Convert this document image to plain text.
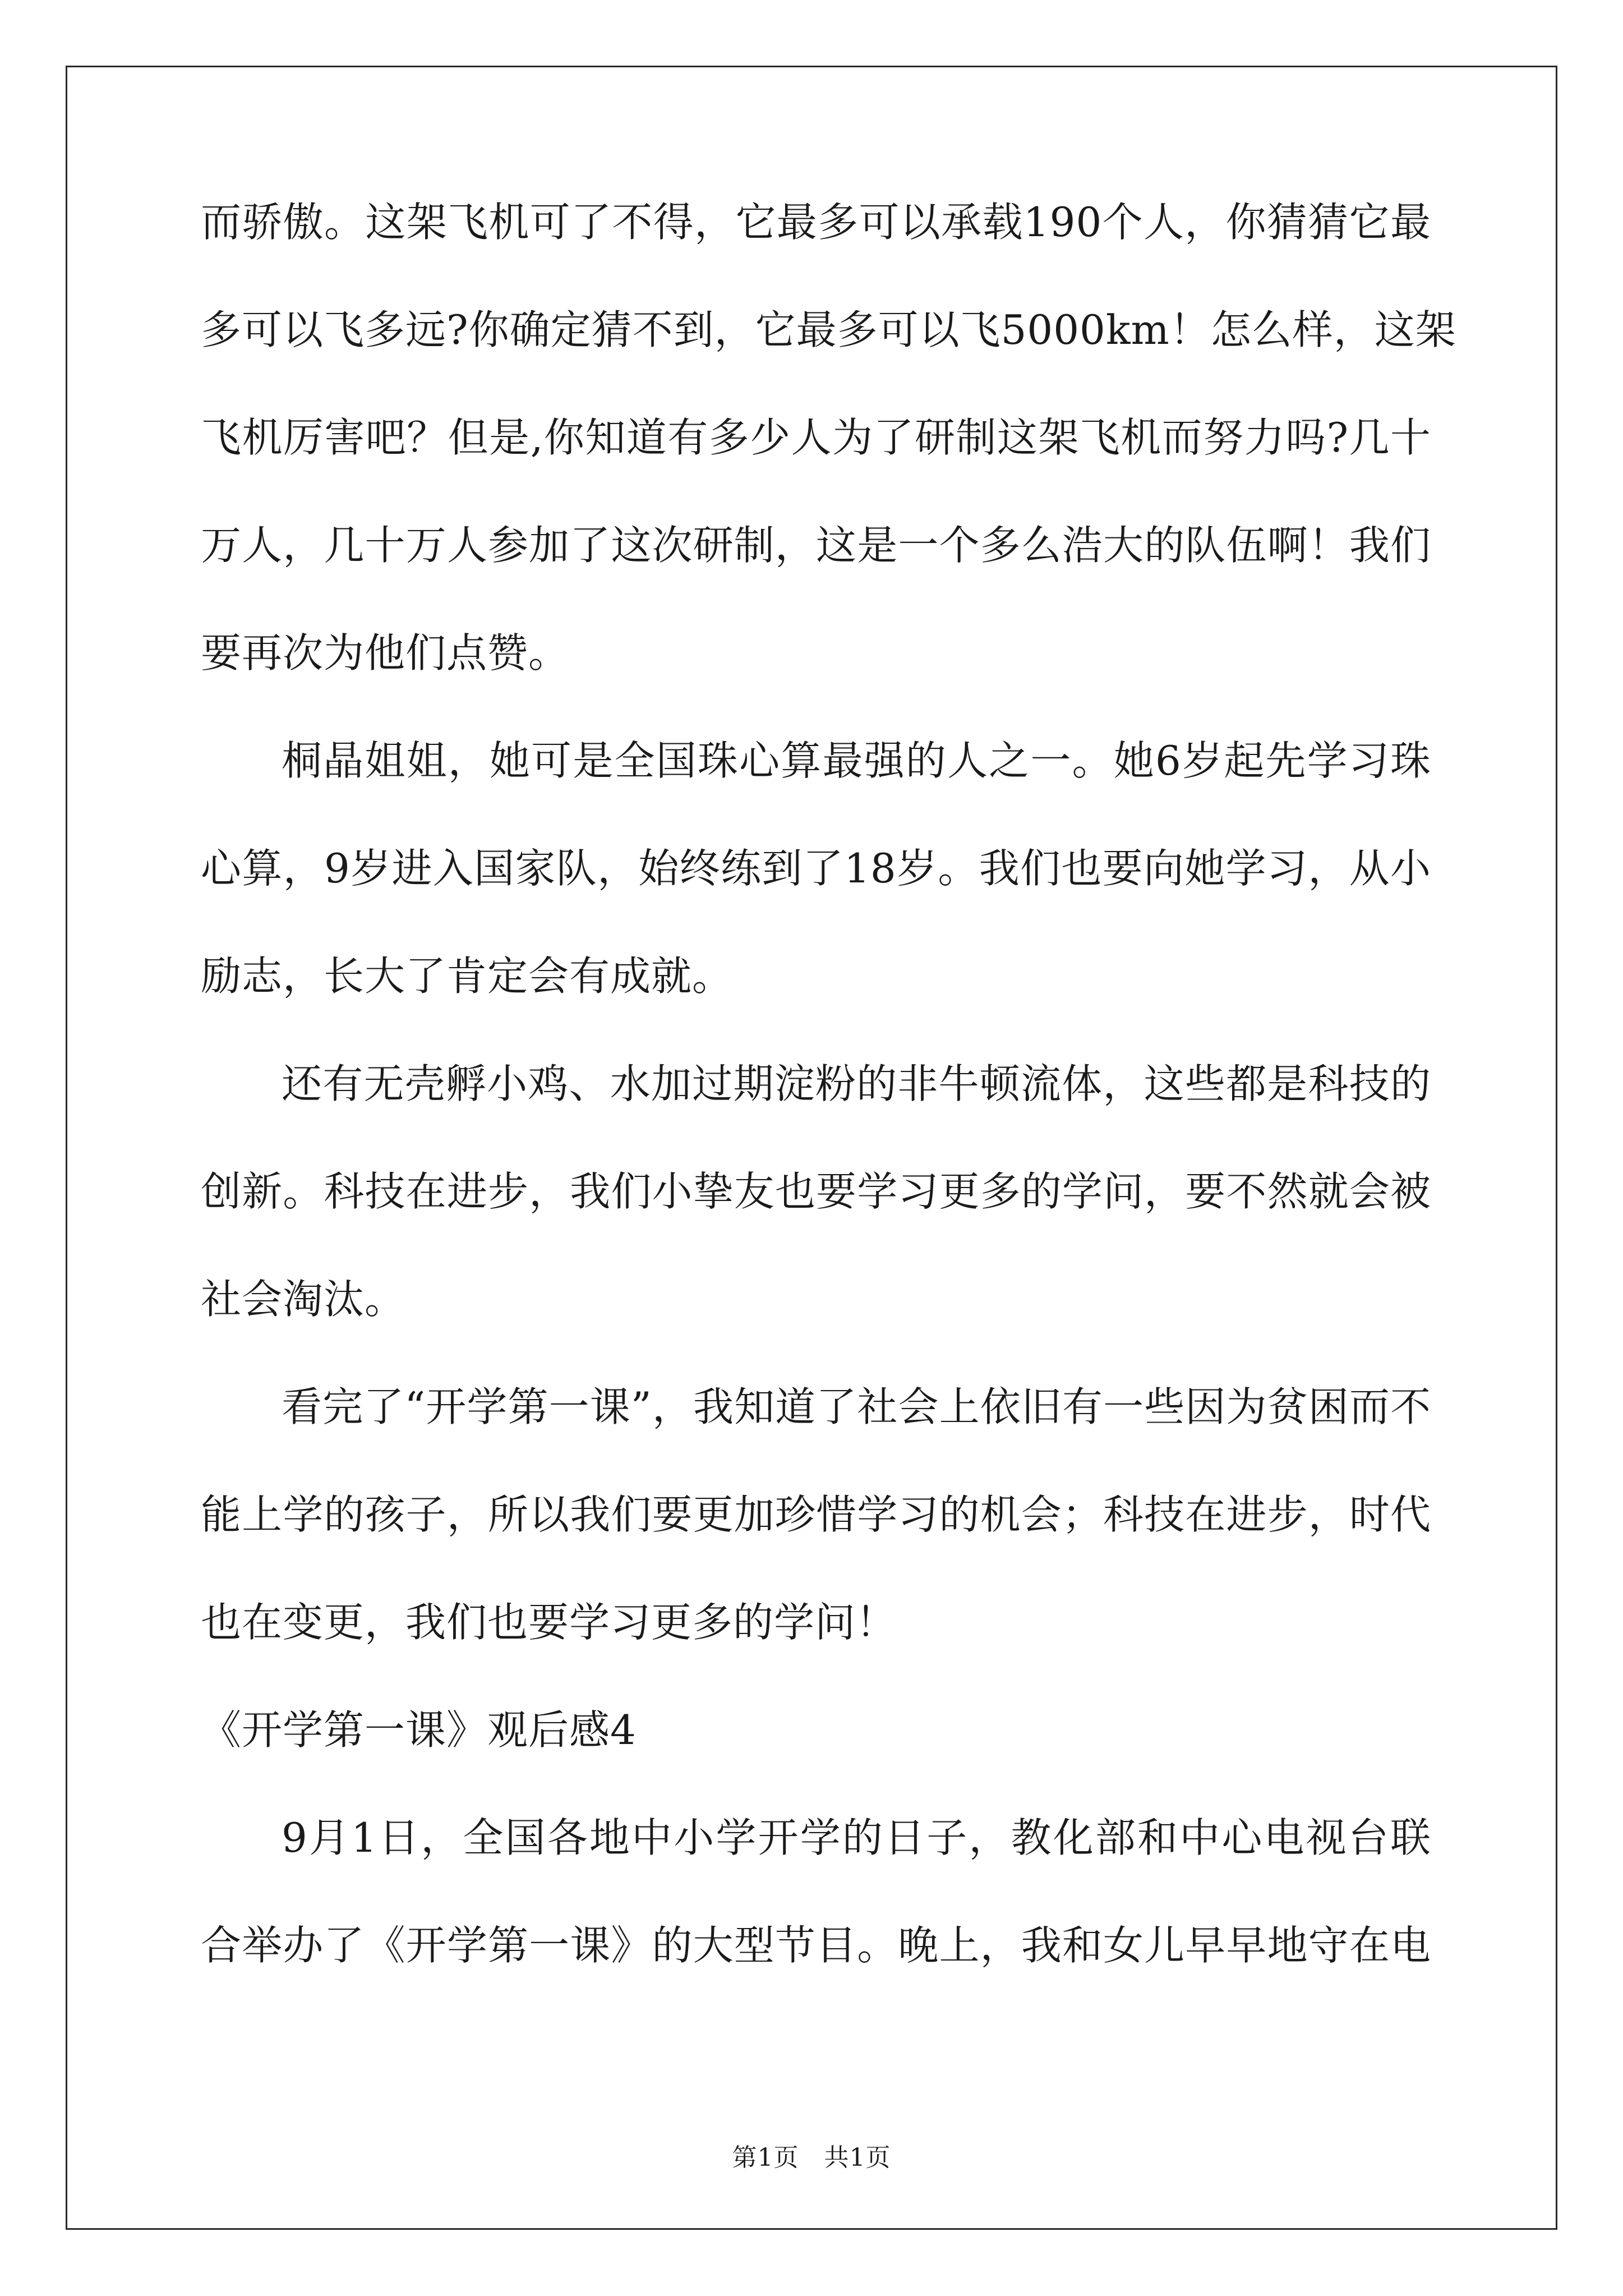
而骄傲。这架飞机可了不得，它最多可以承载190个人，你猜猜它最
多可以飞多远?你确定猜不到，它最多可以飞5000km！怎么样，这架
飞机厉害吧？但是,你知道有多少人为了研制这架飞机而努力吗?几十
万人，几十万人参加了这次研制，这是一个多么浩大的队伍啊！我们
要再次为他们点赞。
桐晶姐姐，她可是全国珠心算最强的人之一。她6岁起先学习珠
心算，9岁进入国家队，始终练到了18岁。我们也要向她学习，从小
励志，长大了肯定会有成就。
还有无壳孵小鸡、水加过期淀粉的非牛顿流体，这些都是科技的
创新。科技在进步，我们小挚友也要学习更多的学问，要不然就会被
社会淘汰。
看完了“开学第一课”，我知道了社会上依旧有一些因为贫困而不
能上学的孩子，所以我们要更加珍惜学习的机会；科技在进步，时代
也在变更，我们也要学习更多的学问！
《开学第一课》观后感4
9月1日，全国各地中小学开学的日子，教化部和中心电视台联
合举办了《开学第一课》的大型节目。晚上，我和女儿早早地守在电
第1页　共1页
